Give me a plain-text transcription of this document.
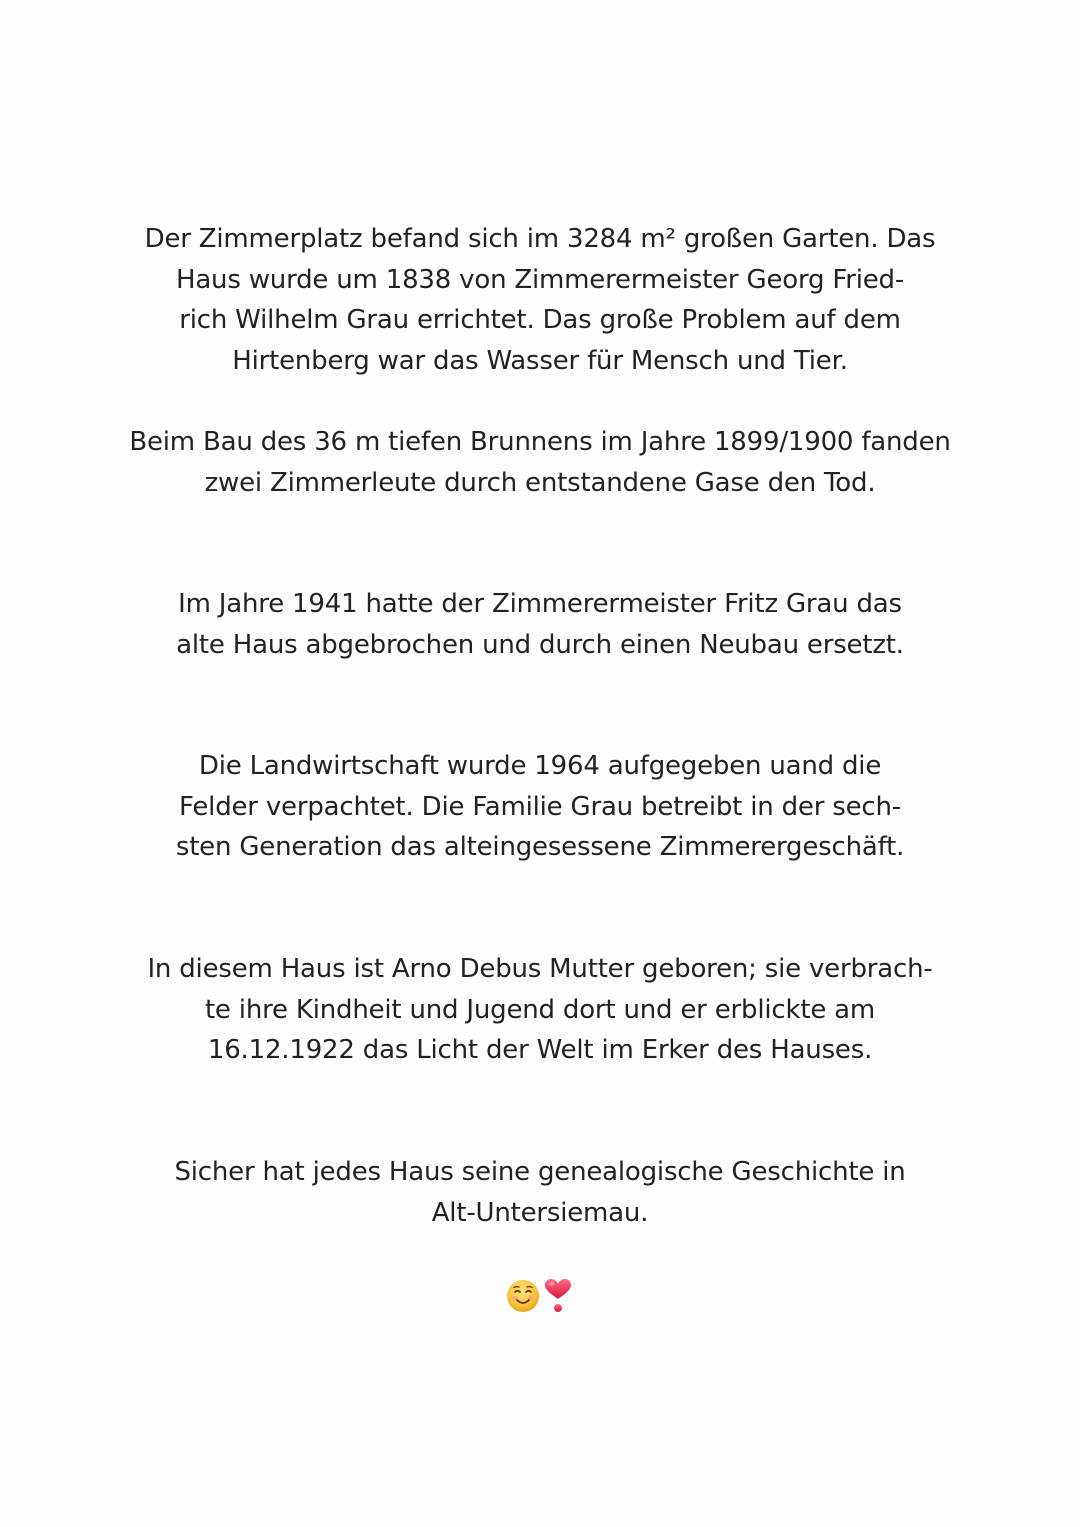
Der Zimmerplatz befand sich im 3284 m² großen Garten. Das
Haus wurde um 1838 von Zimmerermeister Georg Fried-
rich Wilhelm Grau errichtet. Das große Problem auf dem
Hirtenberg war das Wasser für Mensch und Tier.
Beim Bau des 36 m tiefen Brunnens im Jahre 1899/1900 fanden
zwei Zimmerleute durch entstandene Gase den Tod.
Im Jahre 1941 hatte der Zimmerermeister Fritz Grau das
alte Haus abgebrochen und durch einen Neubau ersetzt.
Die Landwirtschaft wurde 1964 aufgegeben uand die
Felder verpachtet. Die Familie Grau betreibt in der sech-
sten Generation das alteingesessene Zimmerergeschäft.
In diesem Haus ist Arno Debus Mutter geboren; sie verbrach-
te ihre Kindheit und Jugend dort und er erblickte am
16.12.1922 das Licht der Welt im Erker des Hauses.
Sicher hat jedes Haus seine genealogische Geschichte in
Alt-Untersiemau.
